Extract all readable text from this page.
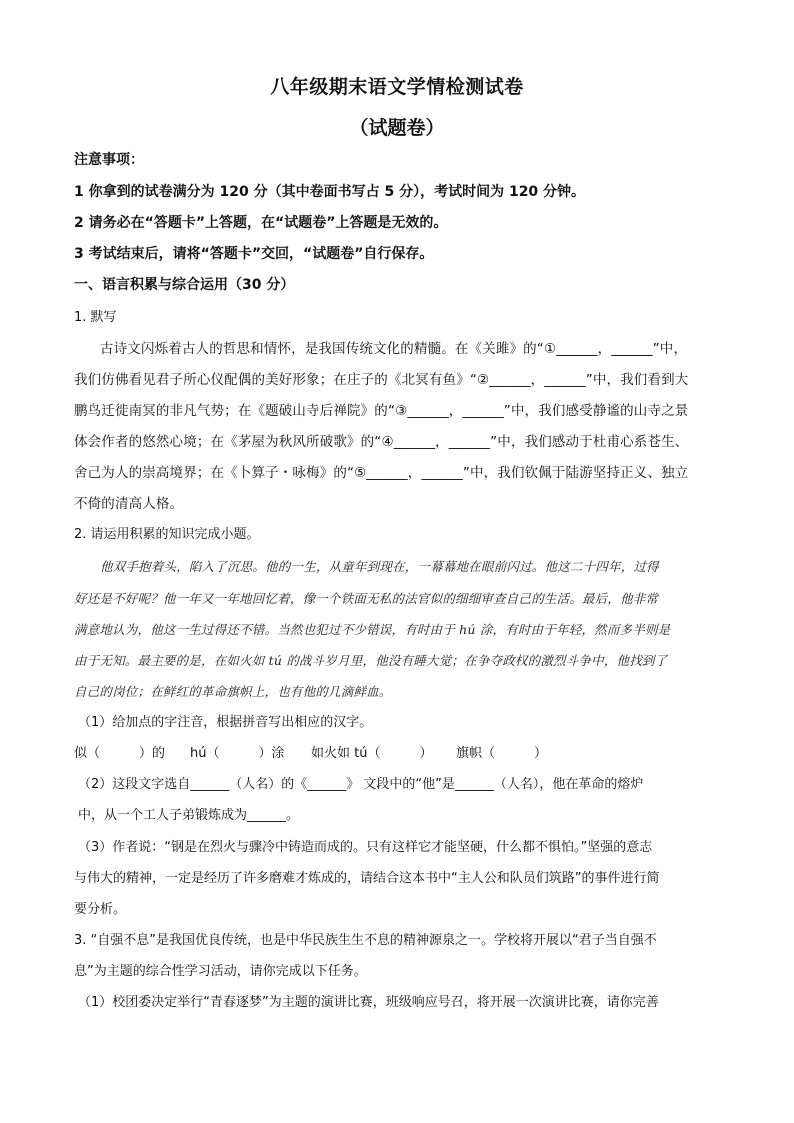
八年级期末语文学情检测试卷
（试题卷）
注意事项：
1 你拿到的试卷满分为 120 分（其中卷面书写占 5 分），考试时间为 120 分钟。
2 请务必在“答题卡”上答题，在“试题卷”上答题是无效的。
3 考试结束后，请将“答题卡”交回，“试题卷”自行保存。
一、语言积累与综合运用（30 分）
1. 默写
古诗文闪烁着古人的哲思和情怀，是我国传统文化的精髓。在《关雎》的“①______，______”中，
我们仿佛看见君子所心仪配偶的美好形象；在庄子的《北冥有鱼》“②______，______”中，我们看到大
鹏鸟迁徙南冥的非凡气势；在《题破山寺后禅院》的“③______，______”中，我们感受静谧的山寺之景
体会作者的悠然心境；在《茅屋为秋风所破歌》的“④______，______”中，我们感动于杜甫心系苍生、
舍己为人的崇高境界；在《卜算子・咏梅》的“⑤______，______”中，我们钦佩于陆游坚持正义、独立
不倚的清高人格。
2. 请运用积累的知识完成小题。
他双手抱着头，陷入了沉思。他的一生，从童年到现在，一幕幕地在眼前闪过。他这二十四年，过得
好还是不好呢？他一年又一年地回忆着，像一个铁面无私的法官似的细细审查自己的生活。最后，他非常
满意地认为，他这一生过得还不错。当然也犯过不少错误，有时由于 hú 涂，有时由于年轻，然而多半则是
由于无知。最主要的是，在如火如 tú 的战斗岁月里，他没有睡大觉；在争夺政权的激烈斗争中，他找到了
自己的岗位；在鲜红的革命旗帜上，也有他的几滴鲜血。
（1）给加点的字注音，根据拼音写出相应的汉字。
似（　　　）的 hú（　　　）涂 如火如 tú（　　　） 旗帜（　　　）
（2）这段文字选自______（人名）的《______》 文段中的“他”是______（人名），他在革命的熔炉
中，从一个工人子弟锻炼成为______。
（3）作者说：“钢是在烈火与骤冷中铸造而成的。只有这样它才能坚硬，什么都不惧怕。”坚强的意志
与伟大的精神，一定是经历了许多磨难才炼成的，请结合这本书中“主人公和队员们筑路”的事件进行简
要分析。
3. “自强不息”是我国优良传统，也是中华民族生生不息的精神源泉之一。学校将开展以“君子当自强不
息”为主题的综合性学习活动，请你完成以下任务。
（1）校团委决定举行“青春逐梦”为主题的演讲比赛，班级响应号召，将开展一次演讲比赛，请你完善
